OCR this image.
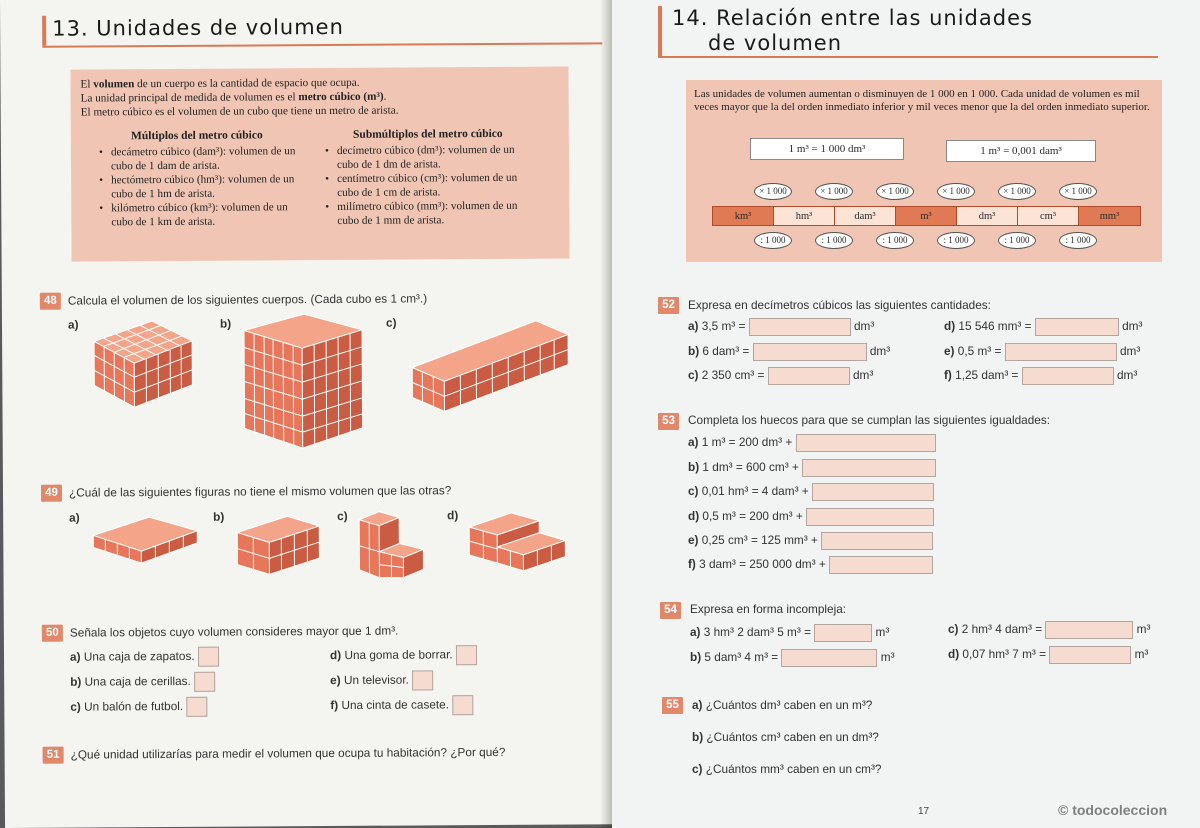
13. Unidades de volumen
El volumen de un cuerpo es la cantidad de espacio que ocupa.
La unidad principal de medida de volumen es el metro cúbico (m³).
El metro cúbico es el volumen de un cubo que tiene un metro de arista.
Múltiplos del metro cúbico
• decámetro cúbico (dam³): volumen de un cubo de 1 dam de arista.
• hectómetro cúbico (hm³): volumen de un cubo de 1 hm de arista.
• kilómetro cúbico (km³): volumen de un cubo de 1 km de arista.
Submúltiplos del metro cúbico
• decímetro cúbico (dm³): volumen de un cubo de 1 dm de arista.
• centímetro cúbico (cm³): volumen de un cubo de 1 cm de arista.
• milímetro cúbico (mm³): volumen de un cubo de 1 mm de arista.
48 Calcula el volumen de los siguientes cuerpos. (Cada cubo es 1 cm³.)
a)	b)	c)
49 ¿Cuál de las siguientes figuras no tiene el mismo volumen que las otras?
a)	b)	c)	d)
50 Señala los objetos cuyo volumen consideres mayor que 1 dm³.
a) Una caja de zapatos.	d) Una goma de borrar.
b) Una caja de cerillas.	e) Un televisor.
c) Un balón de futbol.	f) Una cinta de casete.
51 ¿Qué unidad utilizarías para medir el volumen que ocupa tu habitación? ¿Por qué?
14. Relación entre las unidades
de volumen
Las unidades de volumen aumentan o disminuyen de 1 000 en 1 000. Cada unidad de volumen es mil veces mayor que la del orden inmediato inferior y mil veces menor que la del orden inmediato superior.
1 m³ = 1 000 dm³	1 m³ = 0,001 dam³
km³	hm³	dam³	m³	dm³	cm³	mm³
52	Expresa en decímetros cúbicos las siguientes cantidades:
a) 3,5 m³ =	dm³	d) 15 546 mm³ =	dm³
b) 6 dam³ =	dm³	e) 0,5 m³ =	dm³
c) 2 350 cm³ =	dm³	f) 1,25 dam³ =	dm³
53	Completa los huecos para que se cumplan las siguientes igualdades:
a) 1 m³ = 200 dm³ +
b) 1 dm³ = 600 cm³ +
c) 0,01 hm³ = 4 dam³ +
d) 0,5 m³ = 200 dm³ +
e) 0,25 cm³ = 125 mm³ +
f) 3 dam³ = 250 000 dm³ +
54	Expresa en forma incompleja:
a) 3 hm³ 2 dam³ 5 m³ =	m³	c) 2 hm³ 4 dam³ =	m³
b) 5 dam³ 4 m³ =	m³	d) 0,07 hm³ 7 m³ =	m³
55	a) ¿Cuántos dm³ caben en un m³?
b) ¿Cuántos cm³ caben en un dm³?
c) ¿Cuántos mm³ caben en un cm³?
17	© todocoleccion
× 1 000
: 1 000
× 1 000
: 1 000
× 1 000
: 1 000
× 1 000
: 1 000
× 1 000
: 1 000
× 1 000
: 1 000
